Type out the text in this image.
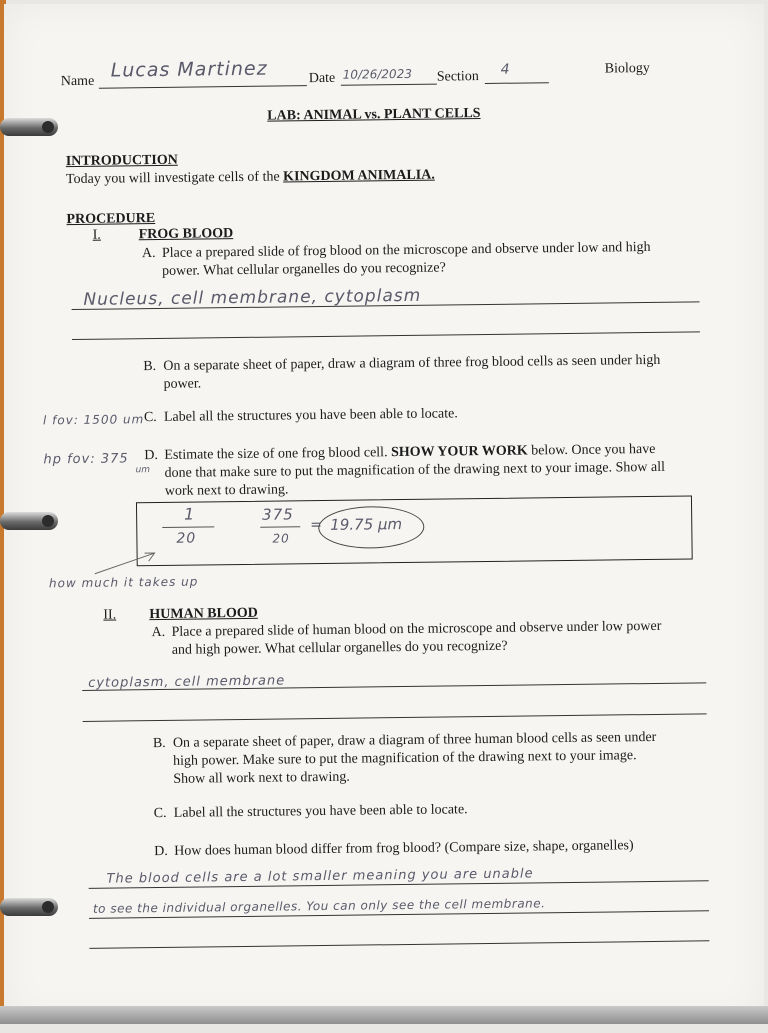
Name Lucas Martinez	Date 10/26/2023 Section 4	Biology
LAB: ANIMAL vs. PLANT CELLS
INTRODUCTION
Today you will investigate cells of the KINGDOM ANIMALIA.
PROCEDURE
I.	FROG BLOOD
A. Place a prepared slide of frog blood on the microscope and observe under low and high
power. What cellular organelles do you recognize?
Nucleus, cell membrane, cytoplasm
B. On a separate sheet of paper, draw a diagram of three frog blood cells as seen under high
power.
l fov: 1500 um C. Label all the structures you have been able to locate.
hp fov: 375
um
D. Estimate the size of one frog blood cell. SHOW YOUR WORK below. Once you have
done that make sure to put the magnification of the drawing next to your image. Show all
work next to drawing.
1
20
375
20
= 19.75 µm
how much it takes up
II. HUMAN BLOOD
A. Place a prepared slide of human blood on the microscope and observe under low power
and high power. What cellular organelles do you recognize?
cytoplasm, cell membrane
B. On a separate sheet of paper, draw a diagram of three human blood cells as seen under
high power. Make sure to put the magnification of the drawing next to your image.
Show all work next to drawing.
C. Label all the structures you have been able to locate.
D. How does human blood differ from frog blood? (Compare size, shape, organelles)
The blood cells are a lot smaller meaning you are unable
to see the individual organelles. You can only see the cell membrane.
